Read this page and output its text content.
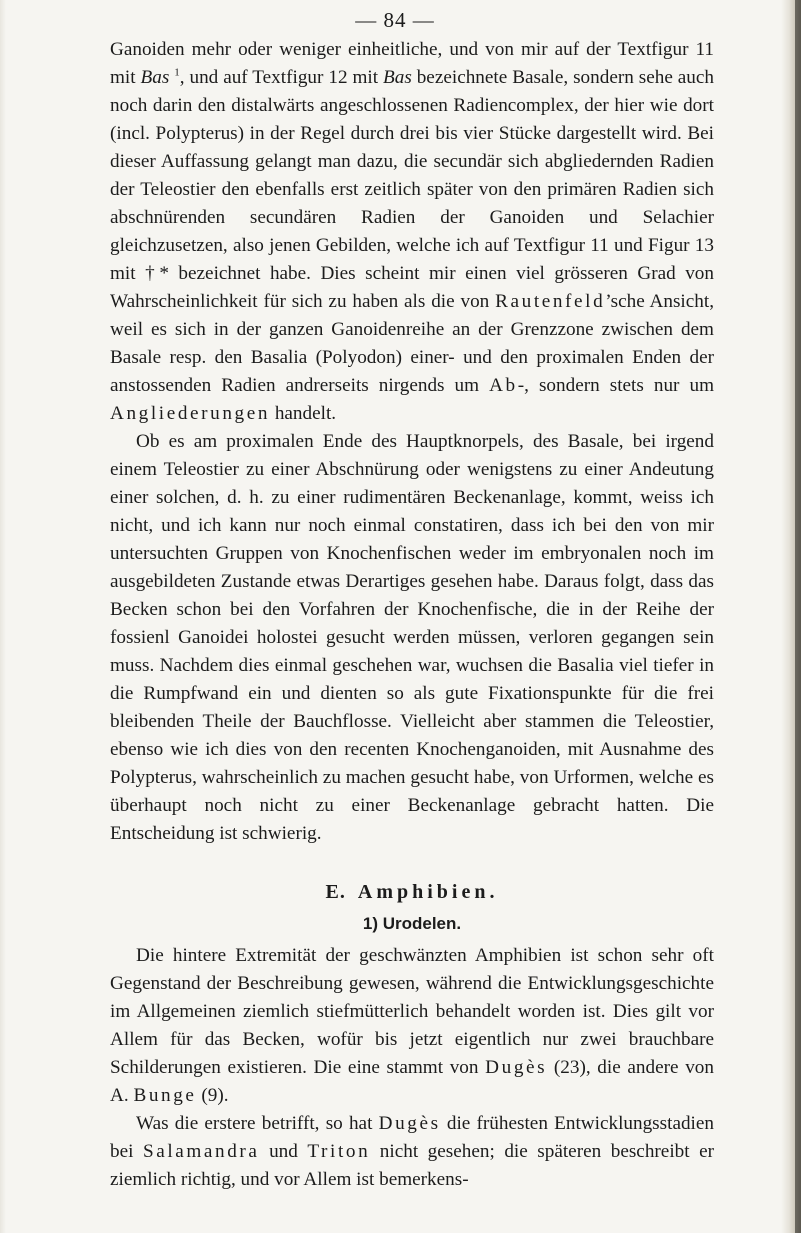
— 84 —

Ganoiden mehr oder weniger einheitliche, und von mir auf der Textfigur 11 mit Bas $^1$, und auf Textfigur 12 mit Bas bezeichnete Basale, sondern sehe auch noch darin den distalwärts angeschlossenen Radiencomplex, der hier wie dort (incl. Polypterus) in der Regel durch drei bis vier Stücke dargestellt wird. Bei dieser Auffassung gelangt man dazu, die secundär sich abgliedernden Radien der Teleostier den ebenfalls erst zeitlich später von den primären Radien sich abschnürenden secundären Radien der Ganoiden und Selachier gleichzusetzen, also jenen Gebilden, welche ich auf Textfigur 11 und Figur 13 mit †* bezeichnet habe. Dies scheint mir einen viel grösseren Grad von Wahrscheinlichkeit für sich zu haben als die von Rautenfeld’sche Ansicht, weil es sich in der ganzen Ganoidenreihe an der Grenzzone zwischen dem Basale resp. den Basalia (Polyodon) einer- und den proximalen Enden der anstossenden Radien andrerseits nirgends um Ab-, sondern stets nur um Angliederungen handelt.

Ob es am proximalen Ende des Hauptknorpels, des Basale, bei irgend einem Teleostier zu einer Abschnürung oder wenigstens zu einer Andeutung einer solchen, d. h. zu einer rudimentären Beckenanlage, kommt, weiss ich nicht, und ich kann nur noch einmal constatiren, dass ich bei den von mir untersuchten Gruppen von Knochenfischen weder im embryonalen noch im ausgebildeten Zustande etwas Derartiges gesehen habe. Daraus folgt, dass das Becken schon bei den Vorfahren der Knochenfische, die in der Reihe der fossienl Ganoidei holostei gesucht werden müssen, verloren gegangen sein muss. Nachdem dies einmal geschehen war, wuchsen die Basalia viel tiefer in die Rumpfwand ein und dienten so als gute Fixationspunkte für die frei bleibenden Theile der Bauchflosse. Vielleicht aber stammen die Teleostier, ebenso wie ich dies von den recenten Knochenganoiden, mit Ausnahme des Polypterus, wahrscheinlich zu machen gesucht habe, von Urformen, welche es überhaupt noch nicht zu einer Beckenanlage gebracht hatten. Die Entscheidung ist schwierig.

E. Amphibien.

1) Urodelen.

Die hintere Extremität der geschwänzten Amphibien ist schon sehr oft Gegenstand der Beschreibung gewesen, während die Entwicklungsgeschichte im Allgemeinen ziemlich stiefmütterlich behandelt worden ist. Dies gilt vor Allem für das Becken, wofür bis jetzt eigentlich nur zwei brauchbare Schilderungen existieren. Die eine stammt von Dugès (23), die andere von A. Bunge (9).

Was die erstere betrifft, so hat Dugès die frühesten Entwicklungsstadien bei Salamandra und Triton nicht gesehen; die späteren beschreibt er ziemlich richtig, und vor Allem ist bemerkens-
